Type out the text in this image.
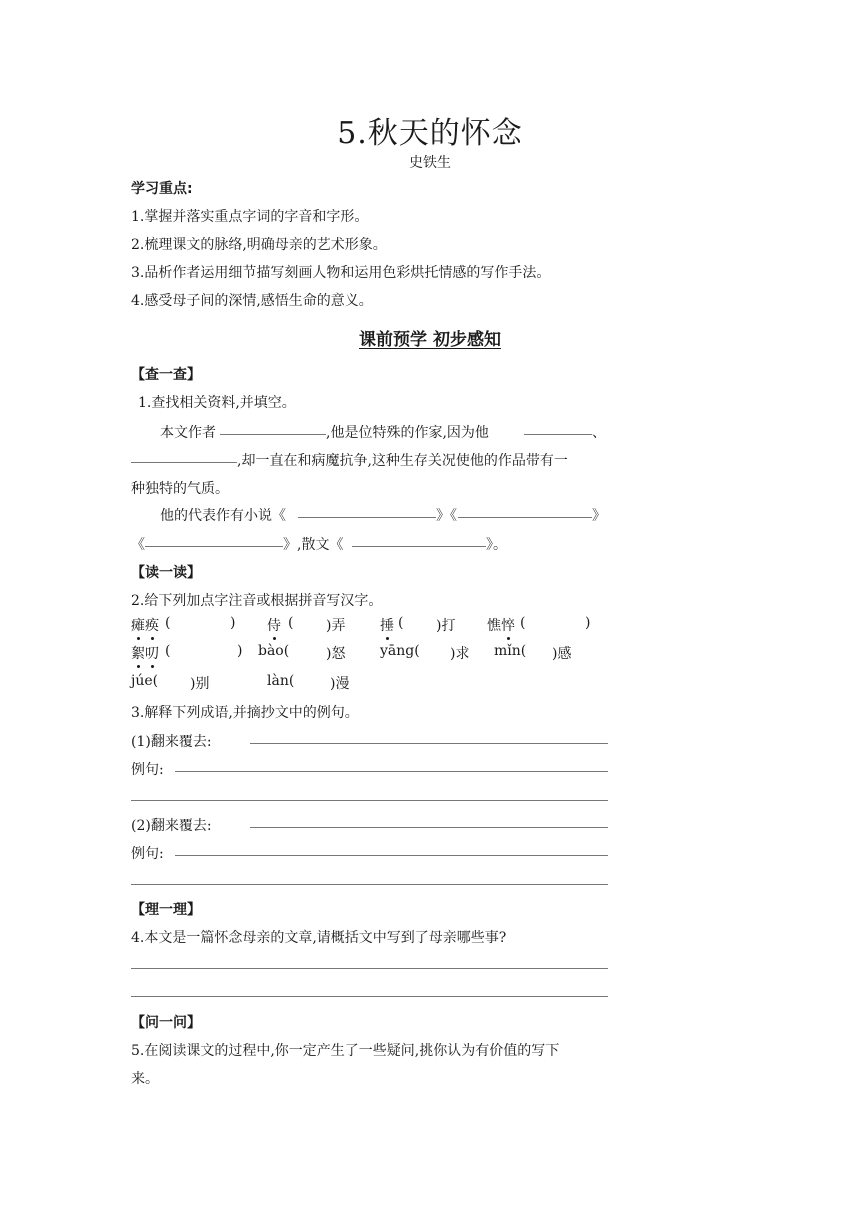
5.秋天的怀念
史铁生
学习重点:
1.掌握并落实重点字词的字音和字形。
2.梳理课文的脉络,明确母亲的艺术形象。
3.品析作者运用细节描写刻画人物和运用色彩烘托情感的写作手法。
4.感受母子间的深情,感悟生命的意义。
课前预学 初步感知
【查一查】
1.查找相关资料,并填空。
本文作者	,他是位特殊的作家,因为他	、
,却一直在和病魔抗争,这种生存关况使他的作品带有一
种独特的气质。
他的代表作有小说《	》《	》
《	》,散文《	》。
【读一读】
2.给下列加点字注音或根据拼音写汉字。
瘫痪 (	) 侍 ( )弄 捶 ( )打 憔悴 (	)
絮叨 (	) bào(	)怒 yāng( )求 mǐn( )感
júe( )别	làn(	)漫
3.解释下列成语,并摘抄文中的例句。
(1)翻来覆去:
例句:
(2)翻来覆去:
例句:
【理一理】
4.本文是一篇怀念母亲的文章,请概括文中写到了母亲哪些事?
【问一问】
5.在阅读课文的过程中,你一定产生了一些疑问,挑你认为有价值的写下
来。
